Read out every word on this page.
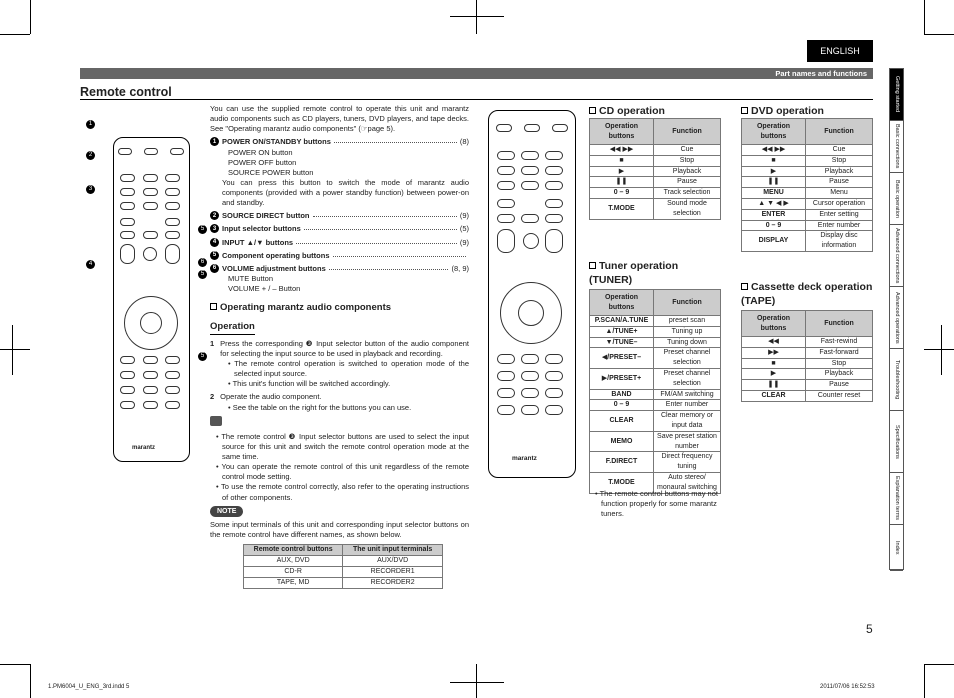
ENGLISH
Part names and functions
Remote control
1
2
3
4
5
6
5
5
marantz

You can use the supplied remote control to operate this unit and marantz audio components such as CD players, tuners, DVD players, and tape decks. See "Operating marantz audio components" (☞page 5).

1 POWER ON/STANDBY buttons	(8)
POWER ON button
POWER OFF button
SOURCE POWER button

You can press this button to switch the mode of marantz audio components (provided with a power standby function) between power-on and standby.

2 SOURCE DIRECT button	(9)
3 Input selector buttons	(5)
4 INPUT ▲/▼ buttons	(9)
5 Component operating buttons
6 VOLUME adjustment buttons	(8, 9)
MUTE Button
VOLUME + / – Button
Operating marantz audio components
Operation
1 Press the corresponding ❸ Input selector button of the audio component for selecting the input source to be used in playback and recording.
• The remote control operation is switched to operation mode of the selected input source.
• This unit's function will be switched accordingly.
2 Operate the audio component.
• See the table on the right for the buttons you can use.
• The remote control ❸ Input selector buttons are used to select the input source for this unit and switch the remote control operation mode at the same time.
• You can operate the remote control of this unit regardless of the remote control mode setting.
• To use the remote control correctly, also refer to the operating instructions of other components.
NOTE

Some input terminals of this unit and corresponding input selector buttons on the remote control have different names, as shown below.

Remote control buttons	The unit input terminals
AUX, DVD	AUX/DVD
CD-R	RECORDER1
TAPE, MD	RECORDER2
marantz
CD operation
Operation buttons	Function
◀◀ ▶▶	Cue
■	Stop
▶	Playback
❚❚	Pause
0 – 9	Track selection
T.MODE	Sound mode selection
Tuner operation (TUNER)
Operation buttons	Function
P.SCAN/A.TUNE	preset scan
▲/TUNE+	Tuning up
▼/TUNE–	Tuning down
◀/PRESET–	Preset channel selection
▶/PRESET+	Preset channel selection
BAND	FM/AM switching
0 – 9	Enter number
CLEAR	Clear memory or input data
MEMO	Save preset station number
F.DIRECT	Direct frequency tuning
T.MODE	Auto stereo/ monaural switching
• The remote control buttons may not function properly for some marantz tuners.
DVD operation
Operation buttons	Function
◀◀ ▶▶	Cue
■	Stop
▶	Playback
❚❚	Pause
MENU	Menu
▲ ▼ ◀ ▶	Cursor operation
ENTER	Enter setting
0 – 9	Enter number
DISPLAY	Display disc information
Cassette deck operation (TAPE)
Operation buttons	Function
◀◀	Fast-rewind
▶▶	Fast-forward
■	Stop
▶	Playback
❚❚	Pause
CLEAR	Counter reset
Getting started
Basic connections
Basic operation
Advanced connections
Advanced operations
Troubleshooting
Specifications
Explanation terms
Index
5
1.PM6004_U_ENG_3rd.indd 5	2011/07/06 16:52:53
